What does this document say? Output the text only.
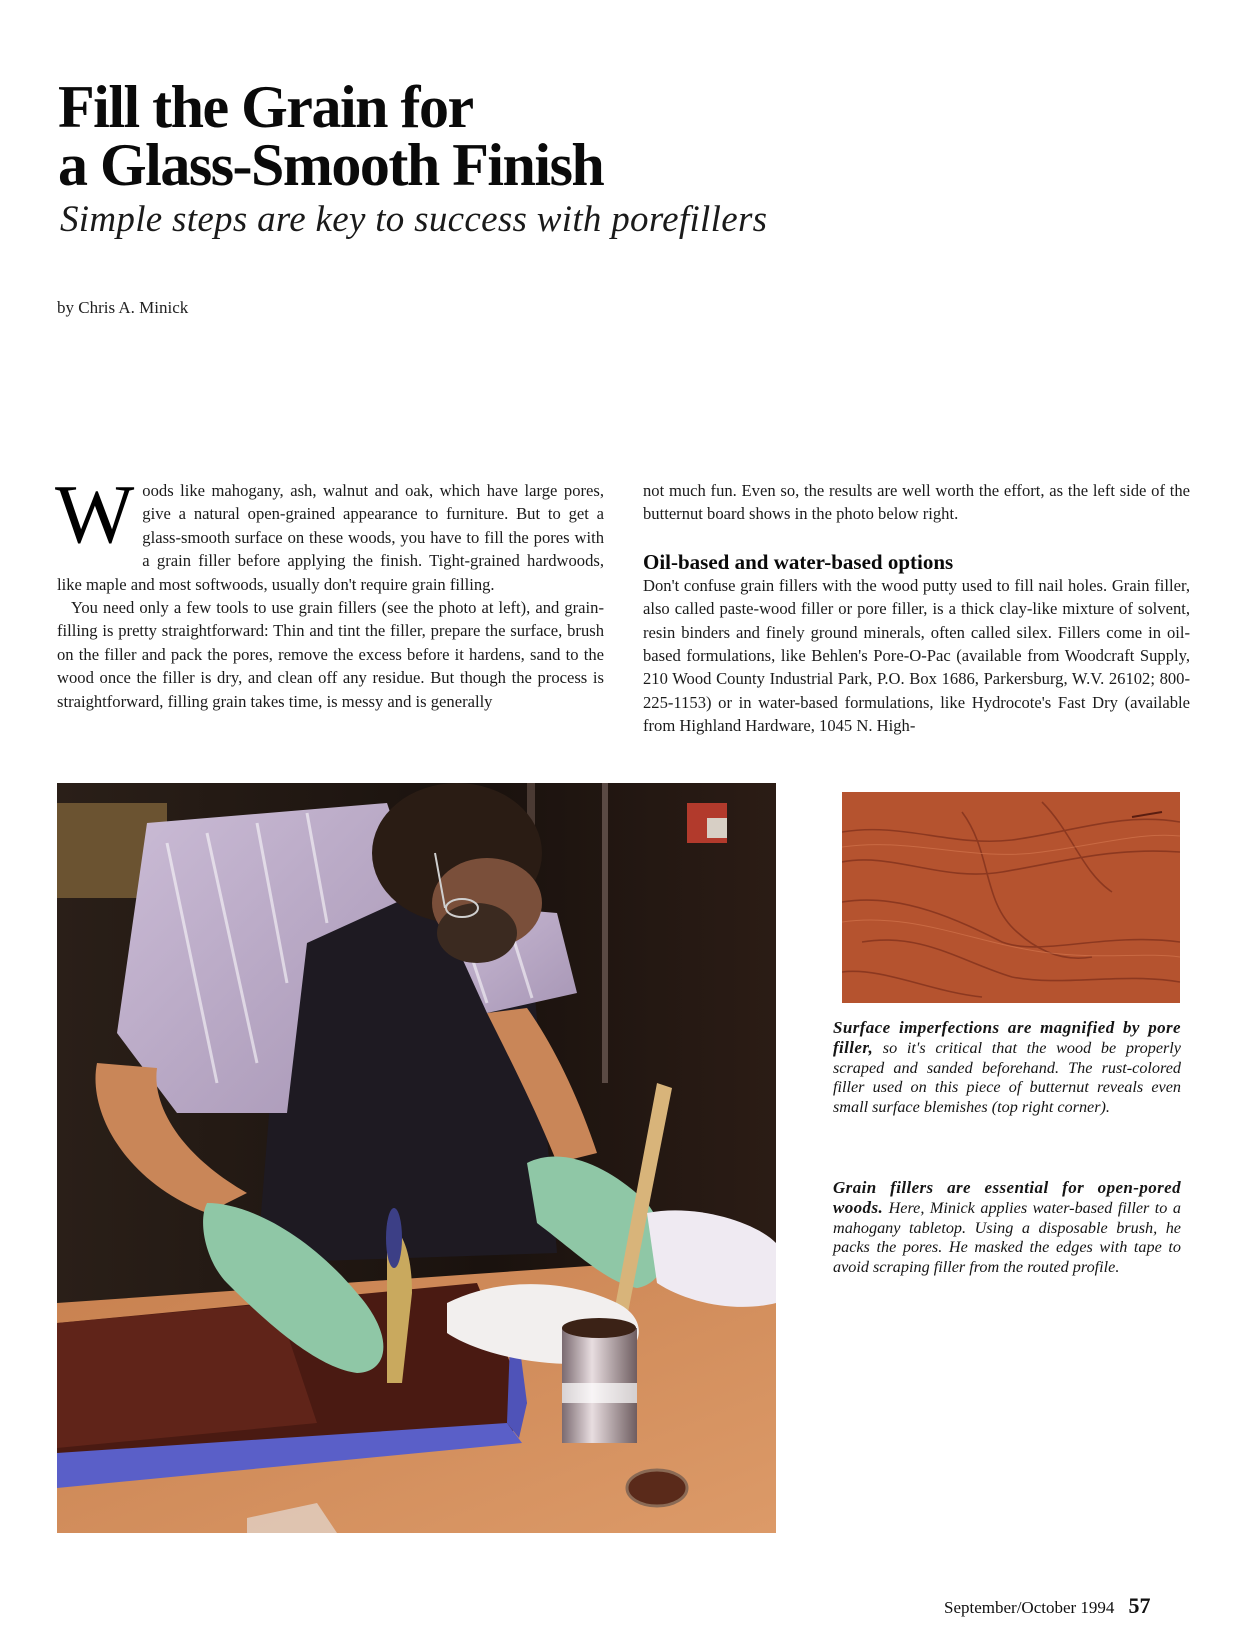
Fill the Grain for
a Glass-Smooth Finish
Simple steps are key to success with porefillers
by Chris A. Minick

Woods like mahogany, ash, walnut and oak, which have large pores, give a natural open-grained appearance to furniture. But to get a glass-smooth surface on these woods, you have to fill the pores with a grain filler before applying the finish. Tight-grained hardwoods, like maple and most softwoods, usually don't require grain filling.

You need only a few tools to use grain fillers (see the photo at left), and grain-filling is pretty straightforward: Thin and tint the filler, prepare the surface, brush on the filler and pack the pores, remove the excess before it hardens, sand to the wood once the filler is dry, and clean off any residue. But though the process is straightforward, filling grain takes time, is messy and is generally

not much fun. Even so, the results are well worth the effort, as the left side of the butternut board shows in the photo below right.

Oil-based and water-based options

Don't confuse grain fillers with the wood putty used to fill nail holes. Grain filler, also called paste-wood filler or pore filler, is a thick clay-like mixture of solvent, resin binders and finely ground minerals, often called silex. Fillers come in oil-based formulations, like Behlen's Pore-O-Pac (available from Woodcraft Supply, 210 Wood County Industrial Park, P.O. Box 1686, Parkersburg, W.V. 26102; 800-225-1153) or in water-based formulations, like Hydrocote's Fast Dry (available from Highland Hardware, 1045 N. High-

Surface imperfections are magnified by pore filler, so it's critical that the wood be properly scraped and sanded beforehand. The rust-colored filler used on this piece of butternut reveals even small surface blemishes (top right corner).
Grain fillers are essential for open-pored woods. Here, Minick applies water-based filler to a mahogany tabletop. Using a disposable brush, he packs the pores. He masked the edges with tape to avoid scraping filler from the routed profile.
September/October 1994 57
